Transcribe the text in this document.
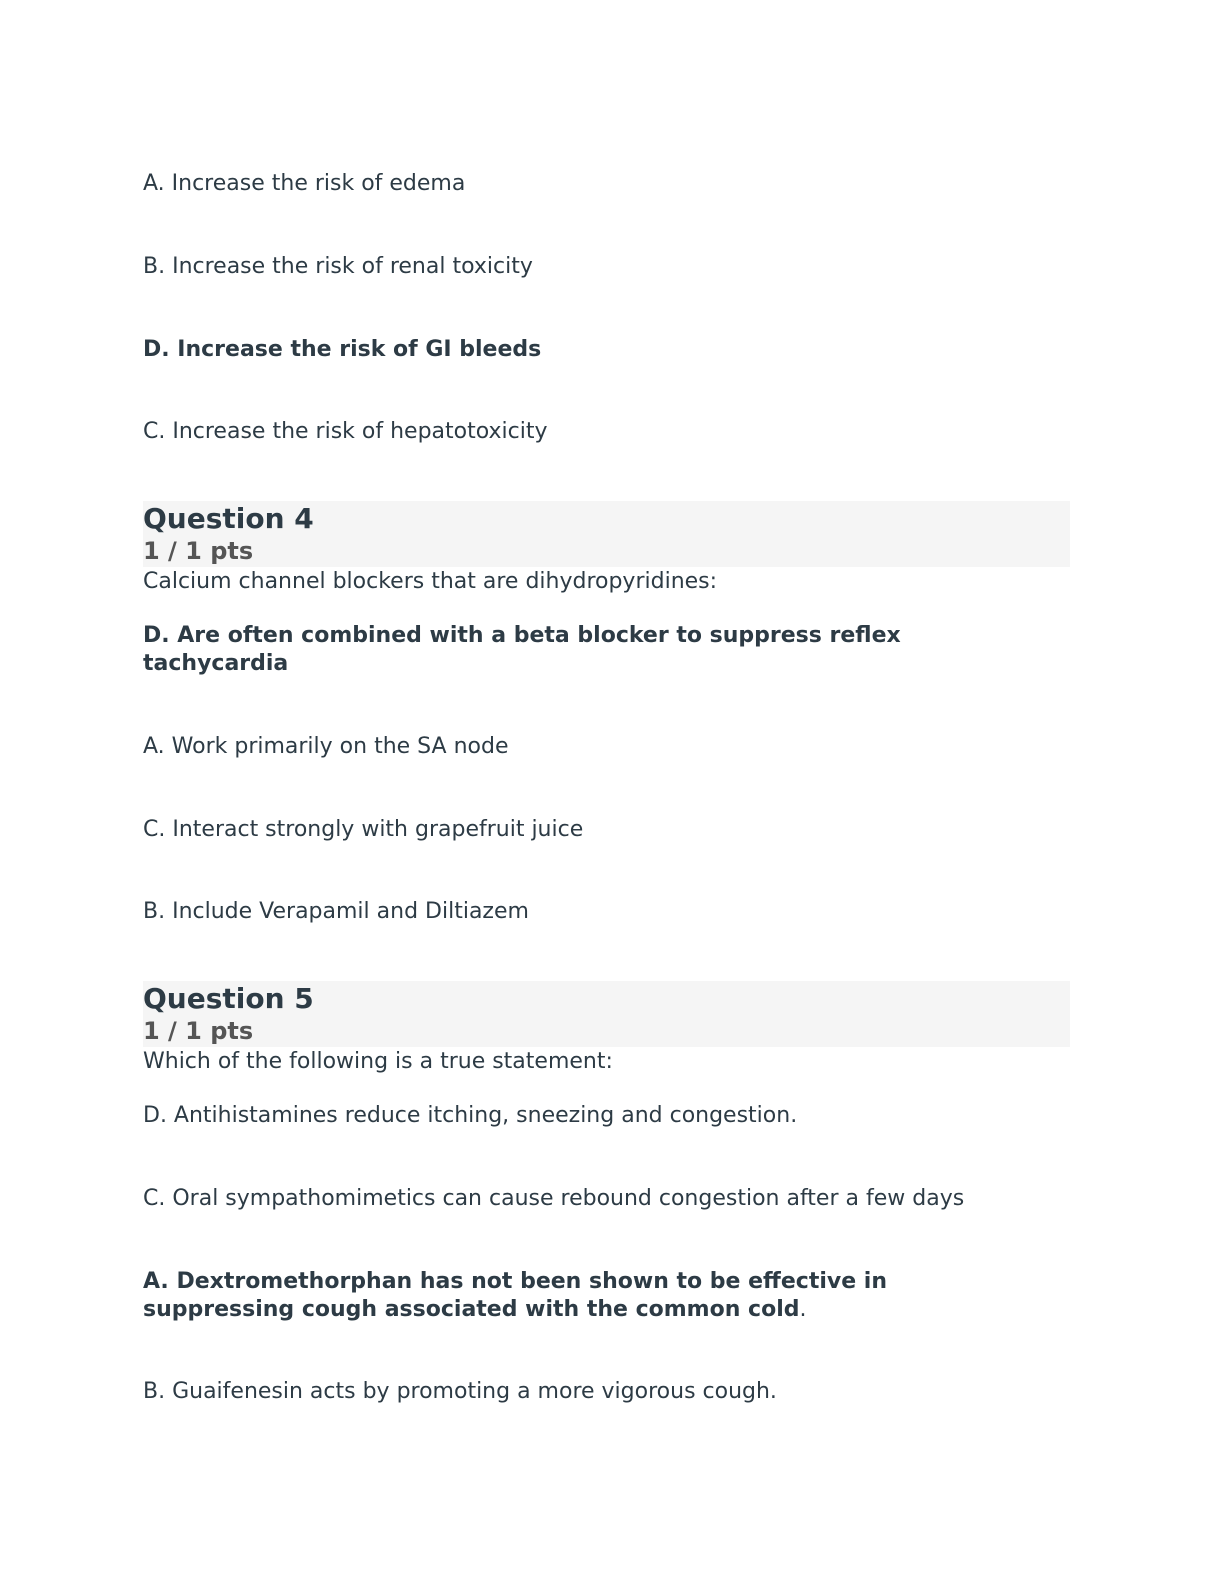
A. Increase the risk of edema
B. Increase the risk of renal toxicity
D. Increase the risk of GI bleeds
C. Increase the risk of hepatotoxicity
Question 4
1 / 1 pts
Calcium channel blockers that are dihydropyridines:
D. Are often combined with a beta blocker to suppress reflex tachycardia
A. Work primarily on the SA node
C. Interact strongly with grapefruit juice
B. Include Verapamil and Diltiazem
Question 5
1 / 1 pts
Which of the following is a true statement:
D. Antihistamines reduce itching, sneezing and congestion.
C. Oral sympathomimetics can cause rebound congestion after a few days
A. Dextromethorphan has not been shown to be effective in suppressing cough associated with the common cold.
B. Guaifenesin acts by promoting a more vigorous cough.
